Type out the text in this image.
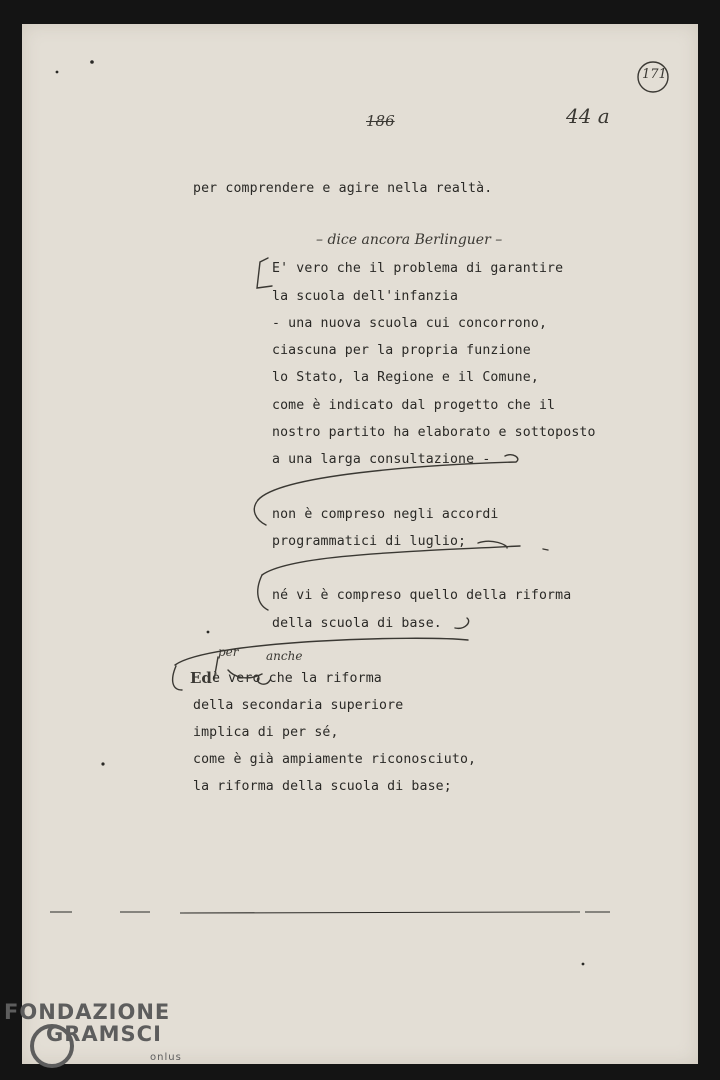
186	44 a
171
– dice ancora Berlinguer –
per anche
Ed
per comprendere e agire nella realtà.
E' vero che il problema di garantire
la scuola dell'infanzia
- una nuova scuola cui concorrono,
ciascuna per la propria funzione
lo Stato, la Regione e il Comune,
come è indicato dal progetto che il
nostro partito ha elaborato e sottoposto
a una larga consultazione -
non è compreso negli accordi
programmatici di luglio;
né vi è compreso quello della riforma
della scuola di base.
è vero che la riforma
della secondaria superiore
implica di per sé,
come è già ampiamente riconosciuto,
la riforma della scuola di base;
FONDAZIONE
GRAMSCI
onlus
